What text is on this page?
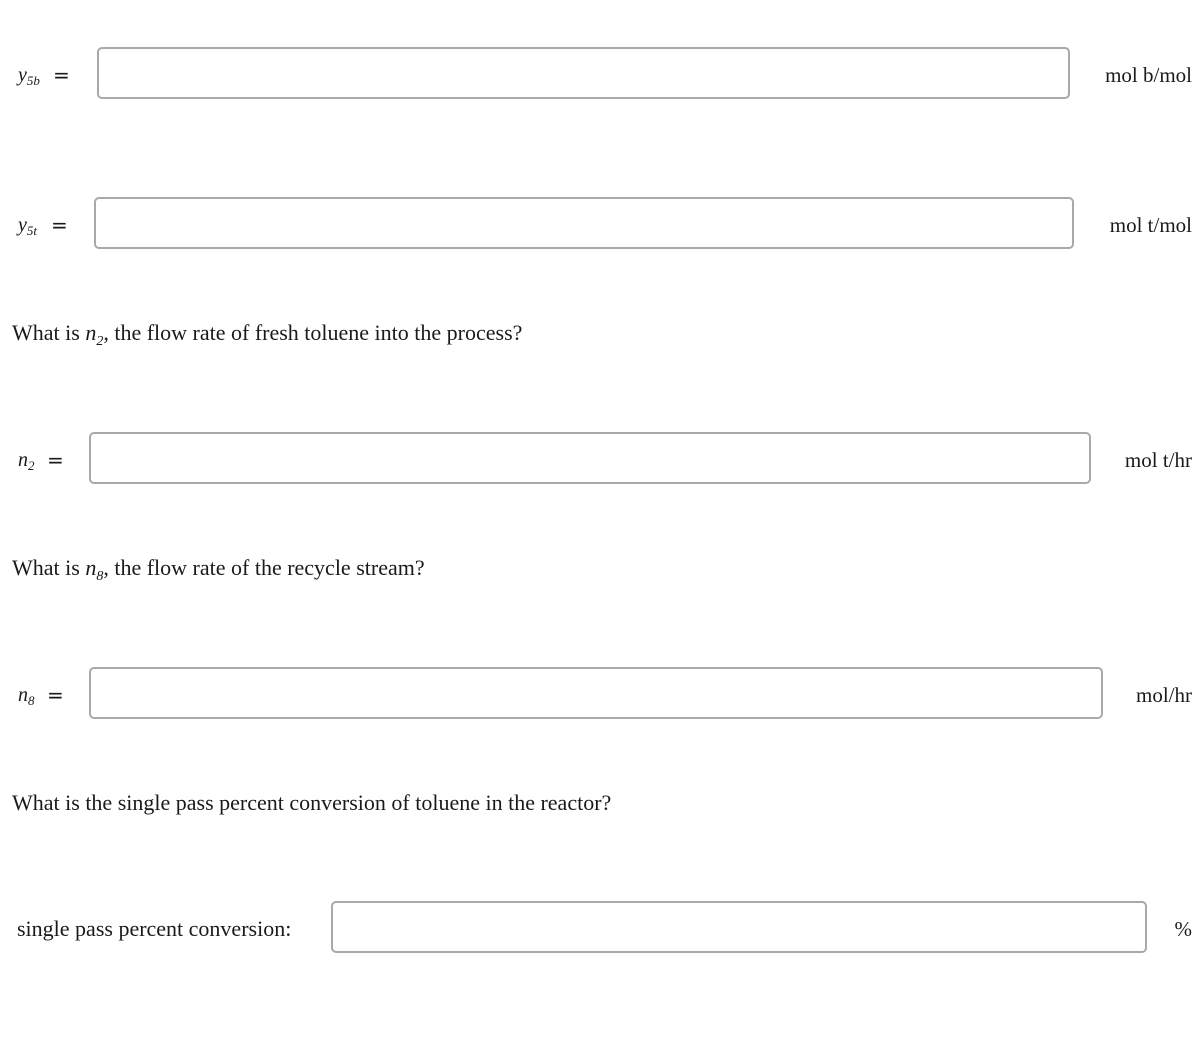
$y_{5b}$ =	mol b/mol
$y_{5t}$ =	mol t/mol
What is $n_2$, the flow rate of fresh toluene into the process?
$n_2$ =	mol t/hr
What is $n_8$, the flow rate of the recycle stream?
$n_8$ =	mol/hr
What is the single pass percent conversion of toluene in the reactor?
single pass percent conversion:	%
